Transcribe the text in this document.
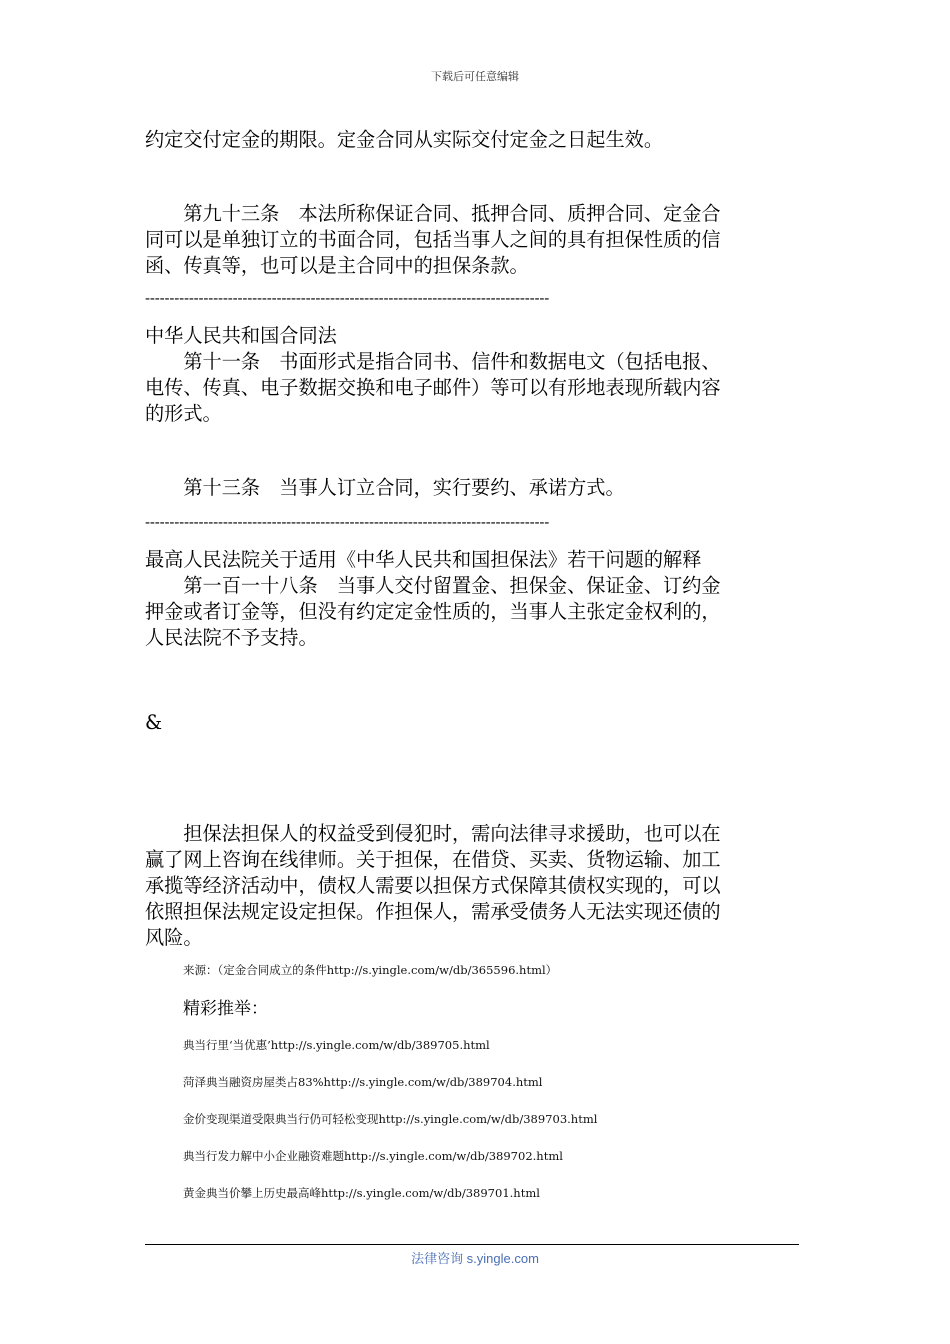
下载后可任意编辑
约定交付定金的期限。定金合同从实际交付定金之日起生效。
　　第九十三条　本法所称保证合同、抵押合同、质押合同、定金合
同可以是单独订立的书面合同，包括当事人之间的具有担保性质的信
函、传真等，也可以是主合同中的担保条款。
-----------------------------------------------------------------------------------
中华人民共和国合同法
　　第十一条　书面形式是指合同书、信件和数据电文（包括电报、
电传、传真、电子数据交换和电子邮件）等可以有形地表现所载内容
的形式。
　　第十三条　当事人订立合同，实行要约、承诺方式。
-----------------------------------------------------------------------------------
最高人民法院关于适用《中华人民共和国担保法》若干问题的解释
　　第一百一十八条　当事人交付留置金、担保金、保证金、订约金
押金或者订金等，但没有约定定金性质的，当事人主张定金权利的，
人民法院不予支持。
&
　　担保法担保人的权益受到侵犯时，需向法律寻求援助，也可以在
赢了网上咨询在线律师。关于担保，在借贷、买卖、货物运输、加工
承揽等经济活动中，债权人需要以担保方式保障其债权实现的，可以
依照担保法规定设定担保。作担保人，需承受债务人无法实现还债的
风险。
来源：（定金合同成立的条件http://s.yingle.com/w/db/365596.html）
精彩推举：
典当行里‘当优惠’http://s.yingle.com/w/db/389705.html
菏泽典当融资房屋类占83%http://s.yingle.com/w/db/389704.html
金价变现渠道受限典当行仍可轻松变现http://s.yingle.com/w/db/389703.html
典当行发力解中小企业融资难题http://s.yingle.com/w/db/389702.html
黄金典当价攀上历史最高峰http://s.yingle.com/w/db/389701.html
法律咨询 s.yingle.com
